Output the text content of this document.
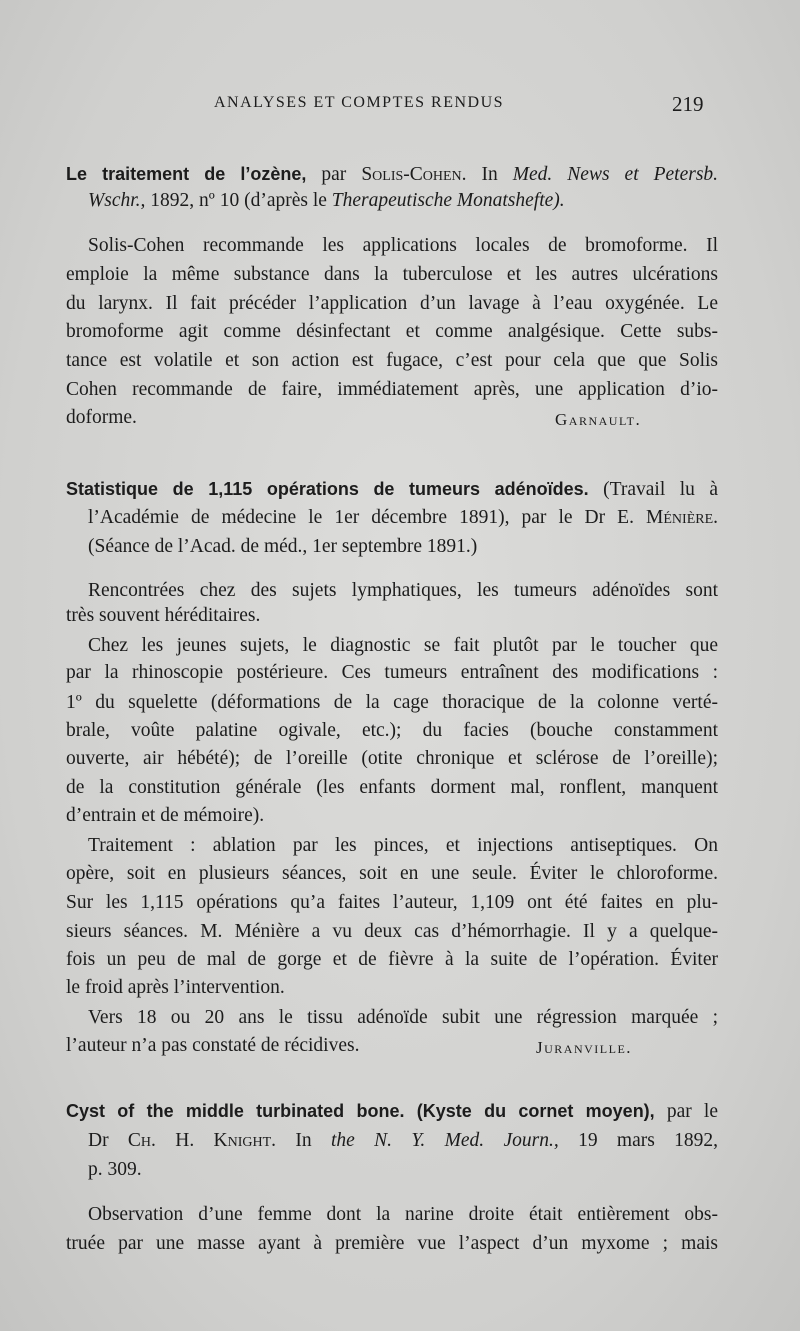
ANALYSES ET COMPTES RENDUS	219
Le traitement de l’ozène, par Solis-Cohen. In Med. News et Petersb.
Wschr., 1892, nº 10 (d’après le Therapeutische Monatshefte).
Solis-Cohen recommande les applications locales de bromoforme. Il
emploie la même substance dans la tuberculose et les autres ulcérations
du larynx. Il fait précéder l’application d’un lavage à l’eau oxygénée. Le
bromoforme agit comme désinfectant et comme analgésique. Cette subs-
tance est volatile et son action est fugace, c’est pour cela que que Solis
Cohen recommande de faire, immédiatement après, une application d’io-
doforme.	Garnault.
Statistique de 1,115 opérations de tumeurs adénoïdes. (Travail lu à
l’Académie de médecine le 1er décembre 1891), par le Dr E. Ménière.
(Séance de l’Acad. de méd., 1er septembre 1891.)
Rencontrées chez des sujets lymphatiques, les tumeurs adénoïdes sont
très souvent héréditaires.
Chez les jeunes sujets, le diagnostic se fait plutôt par le toucher que
par la rhinoscopie postérieure. Ces tumeurs entraînent des modifications :
1º du squelette (déformations de la cage thoracique de la colonne verté-
brale, voûte palatine ogivale, etc.); du facies (bouche constamment
ouverte, air hébété); de l’oreille (otite chronique et sclérose de l’oreille);
de la constitution générale (les enfants dorment mal, ronflent, manquent
d’entrain et de mémoire).
Traitement : ablation par les pinces, et injections antiseptiques. On
opère, soit en plusieurs séances, soit en une seule. Éviter le chloroforme.
Sur les 1,115 opérations qu’a faites l’auteur, 1,109 ont été faites en plu-
sieurs séances. M. Ménière a vu deux cas d’hémorrhagie. Il y a quelque-
fois un peu de mal de gorge et de fièvre à la suite de l’opération. Éviter
le froid après l’intervention.
Vers 18 ou 20 ans le tissu adénoïde subit une régression marquée ;
l’auteur n’a pas constaté de récidives.	Juranville.
Cyst of the middle turbinated bone. (Kyste du cornet moyen), par le
Dr Ch. H. Knight. In the N. Y. Med. Journ., 19 mars 1892,
p. 309.
Observation d’une femme dont la narine droite était entièrement obs-
truée par une masse ayant à première vue l’aspect d’un myxome ; mais
